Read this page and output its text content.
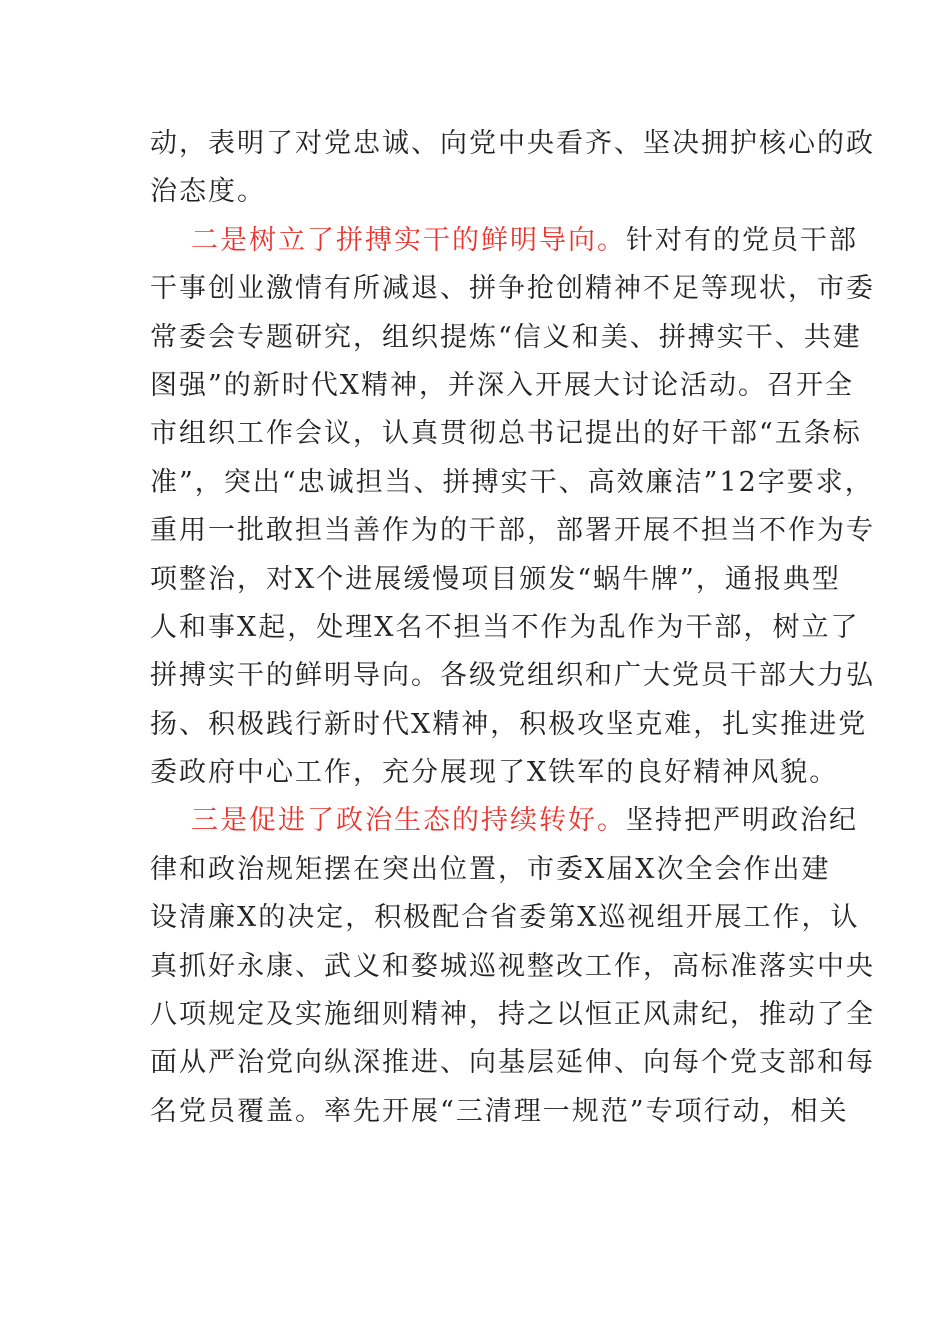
动，表明了对党忠诚、向党中央看齐、坚决拥护核心的政
治态度。
二是树立了拼搏实干的鲜明导向。针对有的党员干部
干事创业激情有所减退、拼争抢创精神不足等现状，市委
常委会专题研究，组织提炼“信义和美、拼搏实干、共建
图强”的新时代X精神，并深入开展大讨论活动。召开全
市组织工作会议，认真贯彻总书记提出的好干部“五条标
准”，突出“忠诚担当、拼搏实干、高效廉洁”12字要求，
重用一批敢担当善作为的干部，部署开展不担当不作为专
项整治，对X个进展缓慢项目颁发“蜗牛牌”，通报典型
人和事X起，处理X名不担当不作为乱作为干部，树立了
拼搏实干的鲜明导向。各级党组织和广大党员干部大力弘
扬、积极践行新时代X精神，积极攻坚克难，扎实推进党
委政府中心工作，充分展现了X铁军的良好精神风貌。
三是促进了政治生态的持续转好。坚持把严明政治纪
律和政治规矩摆在突出位置，市委X届X次全会作出建
设清廉X的决定，积极配合省委第X巡视组开展工作，认
真抓好永康、武义和婺城巡视整改工作，高标准落实中央
八项规定及实施细则精神，持之以恒正风肃纪，推动了全
面从严治党向纵深推进、向基层延伸、向每个党支部和每
名党员覆盖。率先开展“三清理一规范”专项行动，相关
